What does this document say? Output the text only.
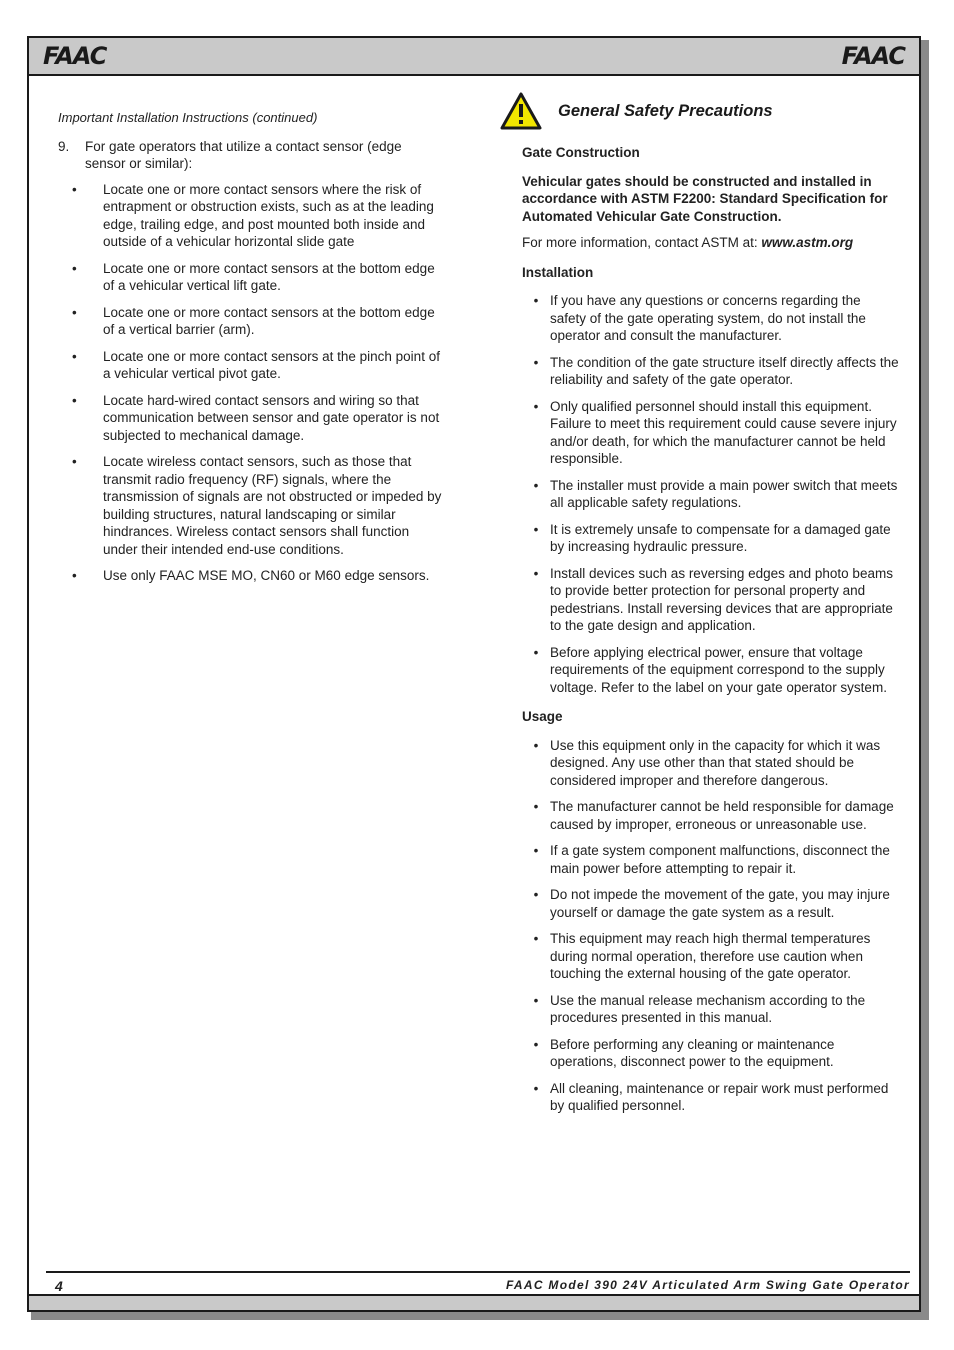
FAAC	FAAC
Important Installation Instructions (continued)
9.	For gate operators that utilize a contact sensor (edge sensor or similar):
•	Locate one or more contact sensors where the risk of entrapment or obstruction exists, such as at the leading edge, trailing edge, and post mounted both inside and outside of a vehicular horizontal slide gate
•	Locate one or more contact sensors at the bottom edge of a vehicular vertical lift gate.
•	Locate one or more contact sensors at the bottom edge of a vertical barrier (arm).
•	Locate one or more contact sensors at the pinch point of a vehicular vertical pivot gate.
•	Locate hard-wired contact sensors and wiring so that communication between sensor and gate operator is not subjected to mechanical damage.
•	Locate wireless contact sensors, such as those that transmit radio frequency (RF) signals, where the transmission of signals are not obstructed or impeded by building structures, natural landscaping or similar hindrances. Wireless contact sensors shall function under their intended end-use conditions.
•	Use only FAAC MSE MO, CN60 or M60 edge sensors.
General Safety Precautions
Gate Construction
Vehicular gates should be constructed and installed in accordance with ASTM F2200: Standard Specification for Automated Vehicular Gate Construction.
For more information, contact ASTM at: www.astm.org
Installation
• If you have any questions or concerns regarding the safety of the gate operating system, do not install the operator and consult the manufacturer.
• The condition of the gate structure itself directly affects the reliability and safety of the gate operator.
• Only qualified personnel should install this equipment. Failure to meet this requirement could cause severe injury and/or death, for which the manufacturer cannot be held responsible.
• The installer must provide a main power switch that meets all applicable safety regulations.
• It is extremely unsafe to compensate for a damaged gate by increasing hydraulic pressure.
• Install devices such as reversing edges and photo beams to provide better protection for personal property and pedestrians. Install reversing devices that are appropriate to the gate design and application.
• Before applying electrical power, ensure that voltage requirements of the equipment correspond to the supply voltage. Refer to the label on your gate operator system.
Usage
• Use this equipment only in the capacity for which it was designed. Any use other than that stated should be considered improper and therefore dangerous.
• The manufacturer cannot be held responsible for damage caused by improper, erroneous or unreasonable use.
• If a gate system component malfunctions, disconnect the main power before attempting to repair it.
• Do not impede the movement of the gate, you may injure yourself or damage the gate system as a result.
• This equipment may reach high thermal temperatures during normal operation, therefore use caution when touching the external housing of the gate operator.
• Use the manual release mechanism according to the procedures presented in this manual.
• Before performing any cleaning or maintenance operations, disconnect power to the equipment.
• All cleaning, maintenance or repair work must performed by qualified personnel.
4	FAAC Model 390 24V Articulated Arm Swing Gate Operator
